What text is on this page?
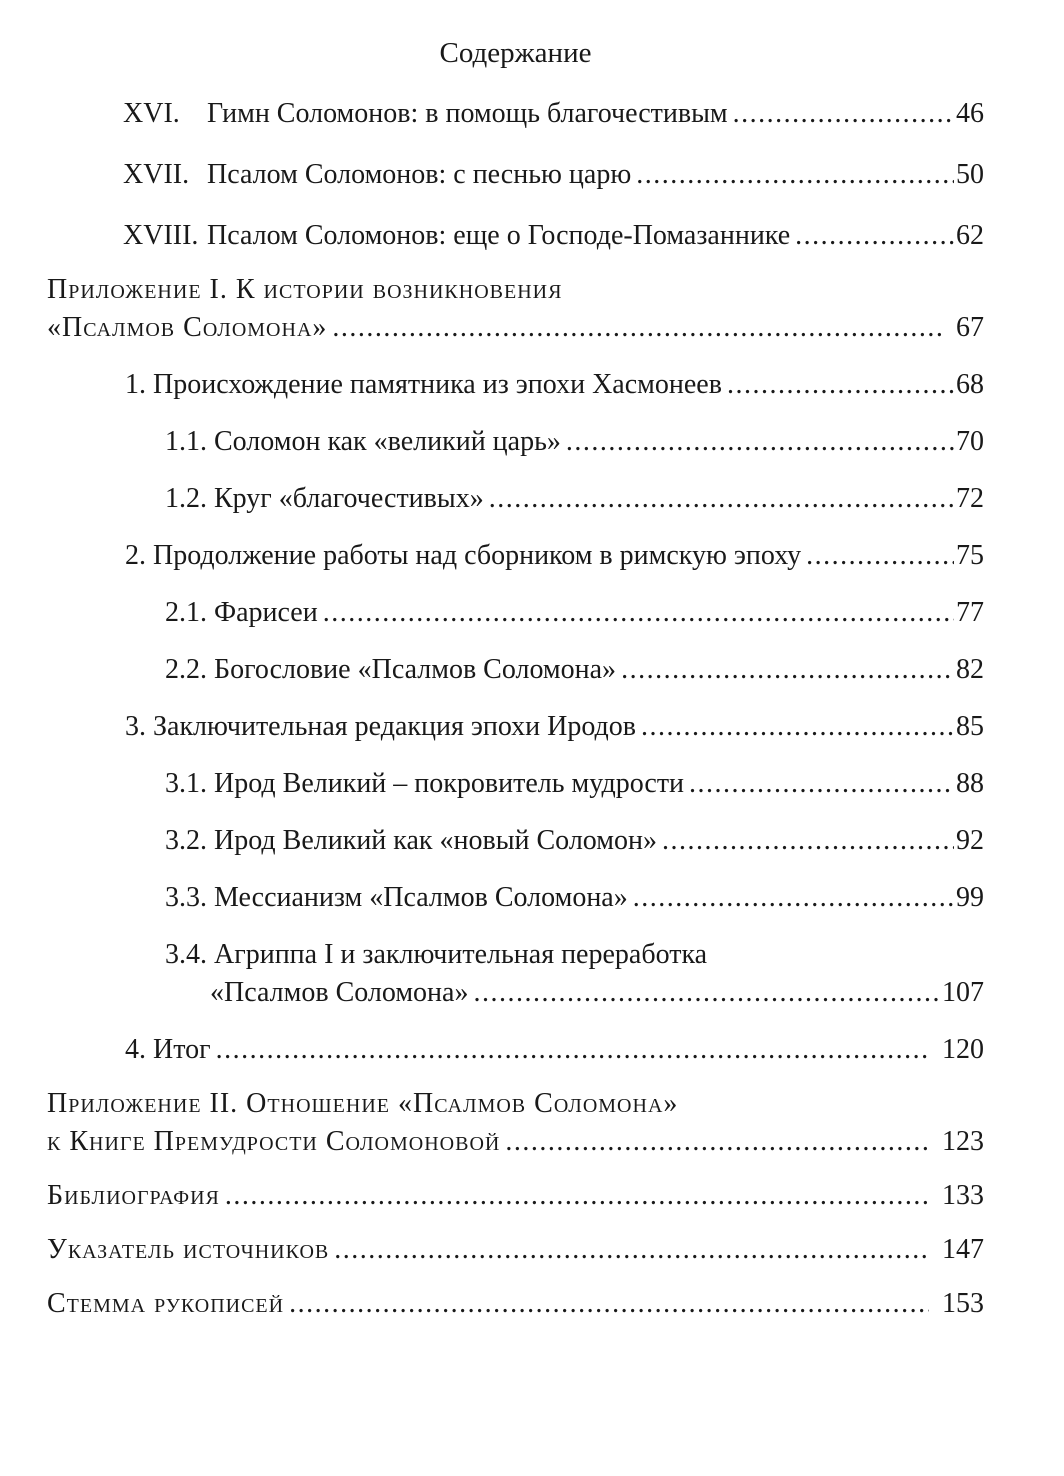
Содержание
XVI. Гимн Соломонов: в помощь благочестивым .....	46
XVII. Псалом Соломонов: с песнью царю .....	50
XVIII. Псалом Соломонов: еще о Господе-Помазаннике .....	62
Приложение I. К истории возникновения
«Псалмов Соломона» .....	67
1. Происхождение памятника из эпохи Хасмонеев .....	68
1.1. Соломон как «великий царь» .....	70
1.2. Круг «благочестивых» .....	72
2. Продолжение работы над сборником в римскую эпоху .....	75
2.1. Фарисеи .....	77
2.2. Богословие «Псалмов Соломона» .....	82
3. Заключительная редакция эпохи Иродов .....	85
3.1. Ирод Великий – покровитель мудрости .....	88
3.2. Ирод Великий как «новый Соломон» .....	92
3.3. Мессианизм «Псалмов Соломона» .....	99
3.4. Агриппа I и заключительная переработка
«Псалмов Соломона» .....	107
4. Итог .....	120
Приложение II. Отношение «Псалмов Соломона»
к Книге Премудрости Соломоновой .....	123
Библиография .....	133
Указатель источников .....	147
Стемма рукописей .....	153
